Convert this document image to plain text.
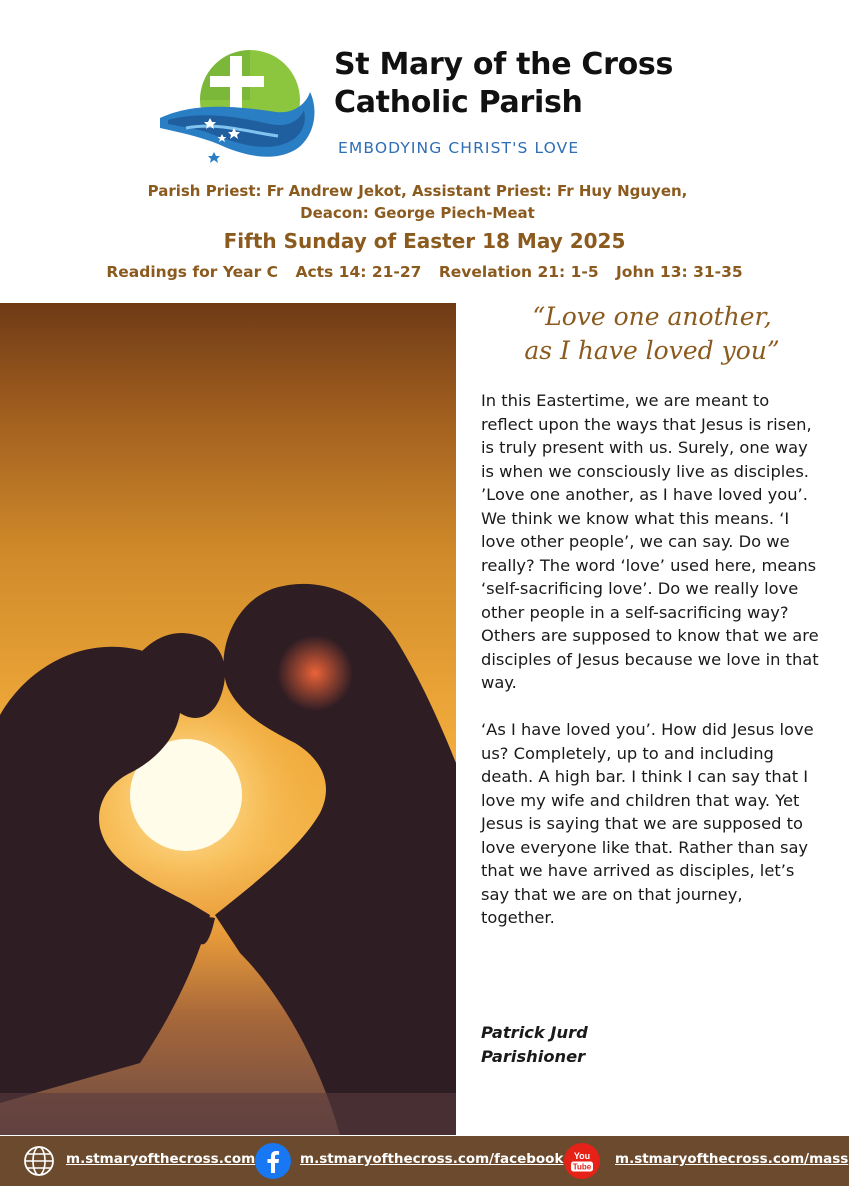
St Mary of the Cross
Catholic Parish
EMBODYING CHRIST'S LOVE
Parish Priest: Fr Andrew Jekot, Assistant Priest: Fr Huy Nguyen,
Deacon: George Piech-Meat
Fifth Sunday of Easter 18 May 2025
Readings for Year C Acts 14: 21-27 Revelation 21: 1-5 John 13: 31-35
“Love one another,
as I have loved you”

In this Eastertime, we are meant to reflect upon the ways that Jesus is risen, is truly present with us. Surely, one way is when we consciously live as disciples. ’Love one another, as I have loved you’. We think we know what this means. ‘I love other people’, we can say. Do we really? The word ‘love’ used here, means ‘self-sacrificing love’. Do we really love other people in a self-sacrificing way? Others are supposed to know that we are disciples of Jesus because we love in that way.

‘As I have loved you’. How did Jesus love us? Completely, up to and including death. A high bar. I think I can say that I love my wife and children that way. Yet Jesus is saying that we are supposed to love everyone like that. Rather than say that we have arrived as disciples, let’s say that we are on that journey, together.

Patrick Jurd
Parishioner
m.stmaryofthecross.com	m.stmaryofthecross.com/facebook You
Tube m.stmaryofthecross.com/mass
